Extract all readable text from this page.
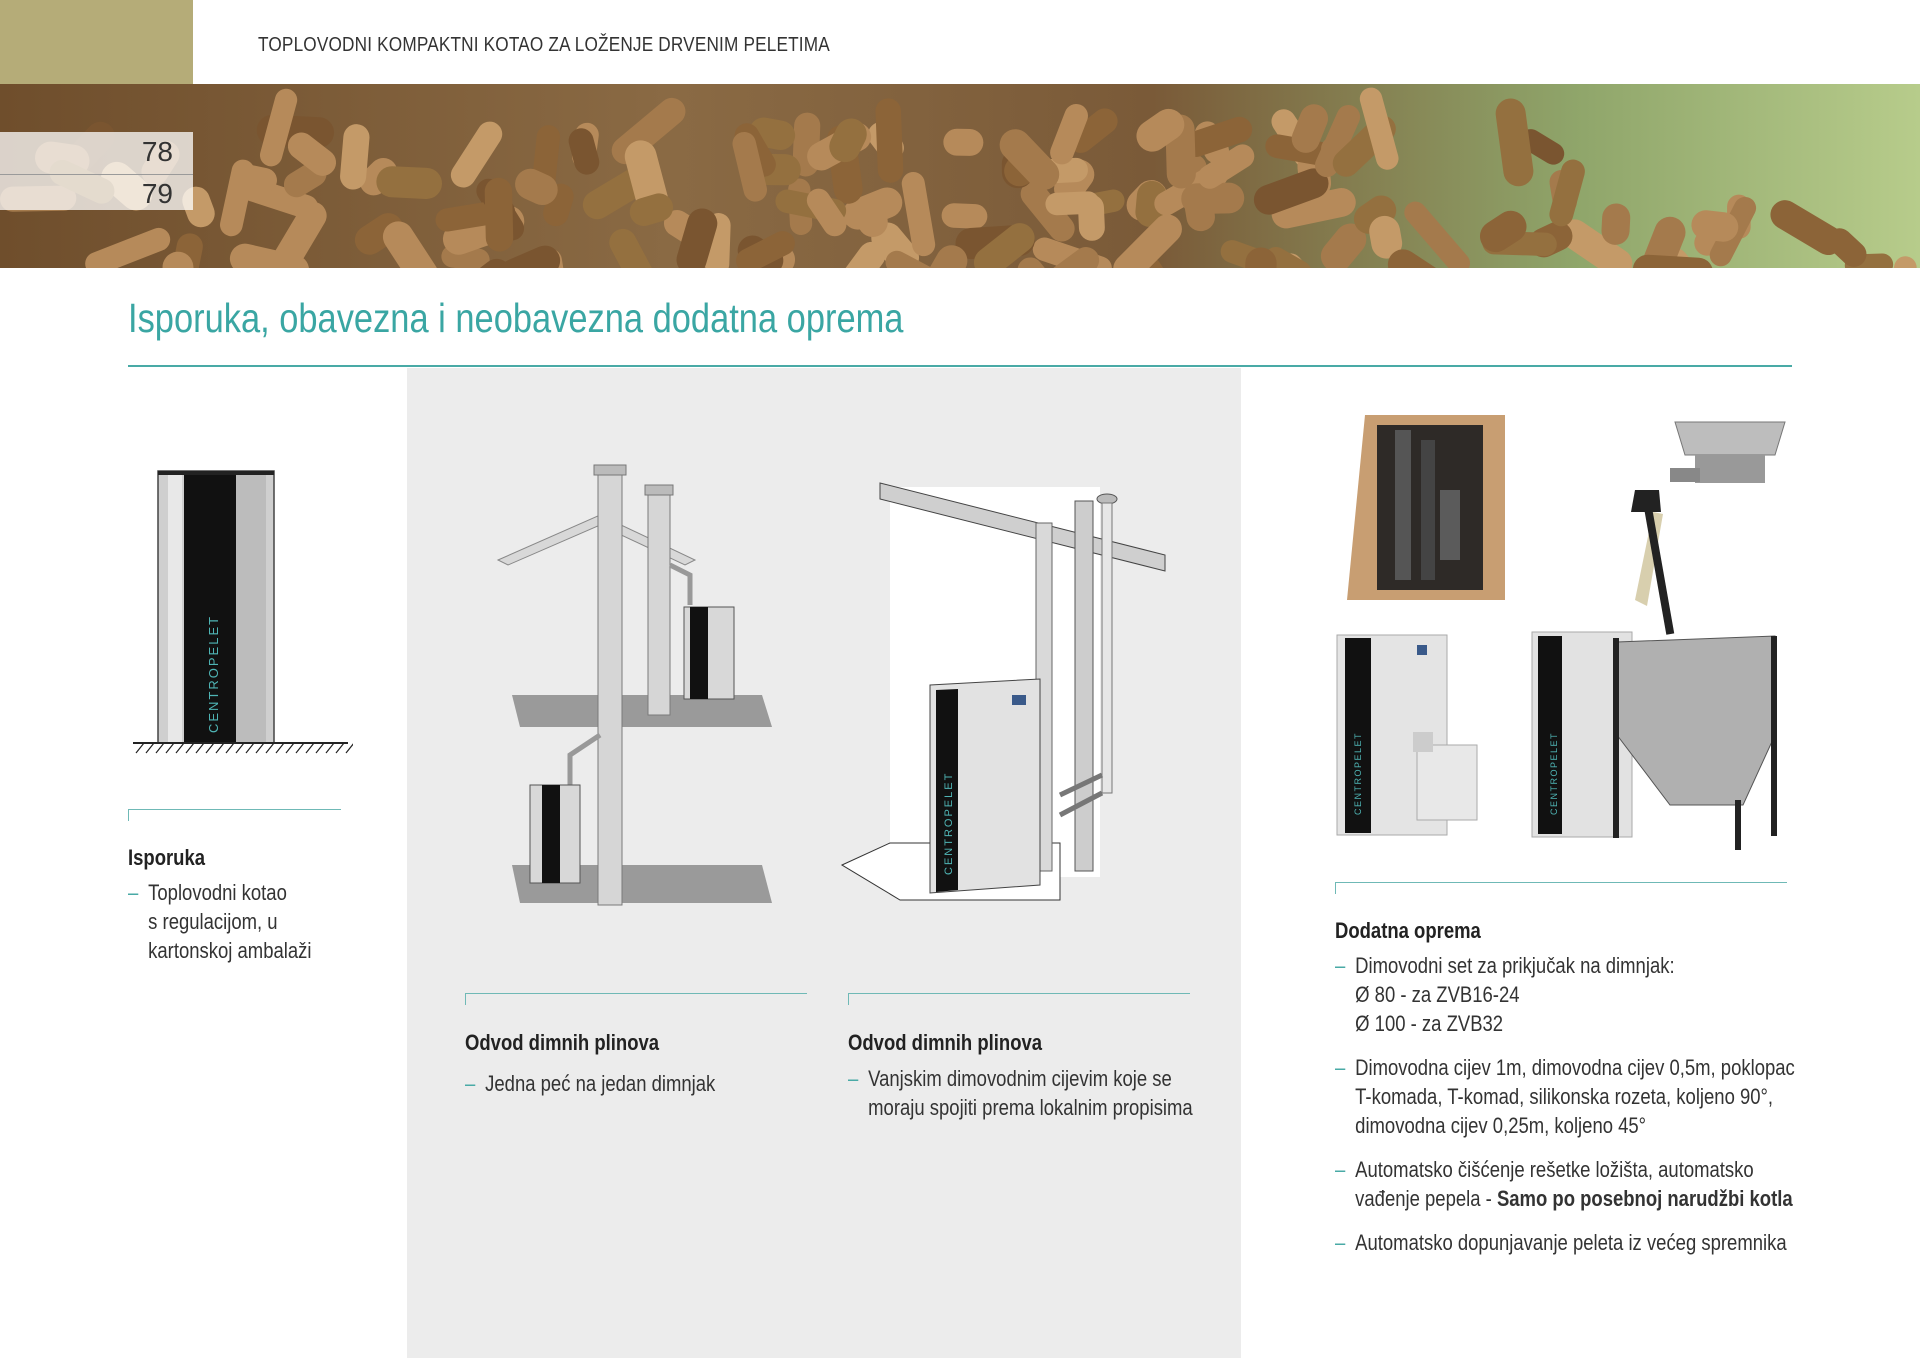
TOPLOVODNI KOMPAKTNI KOTAO ZA LOŽENJE DRVENIM PELETIMA
78
79
Isporuka, obavezna i neobavezna dodatna oprema
CENTROPELET
Isporuka
– Toplovodni kotao
s regulacijom, u
kartonskoj ambalaži
Odvod dimnih plinova
– Jedna peć na jedan dimnjak
CENTROPELET
Odvod dimnih plinova
– Vanjskim dimovodnim cijevim koje se
moraju spojiti prema lokalnim propisima
CENTROPELET	CENTROPELET
Dodatna oprema
– Dimovodni set za prikjučak na dimnjak:
Ø 80 - za ZVB16-24
Ø 100 - za ZVB32
– Dimovodna cijev 1m, dimovodna cijev 0,5m, poklopac
T-komada, T-komad, silikonska rozeta, koljeno 90°,
dimovodna cijev 0,25m, koljeno 45°
– Automatsko čišćenje rešetke ložišta, automatsko
vađenje pepela - Samo po posebnoj narudžbi kotla
– Automatsko dopunjavanje peleta iz većeg spremnika
